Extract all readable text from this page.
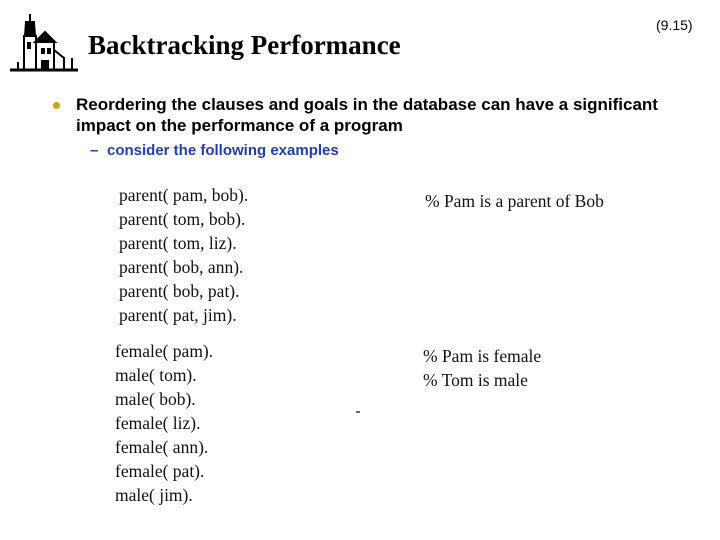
Backtracking Performance
(9.15)
Reordering the clauses and goals in the database can have a significant impact on the performance of a program
– consider the following examples
parent( pam, bob).
parent( tom, bob).
parent( tom, liz).
parent( bob, ann).
parent( bob, pat).
parent( pat, jim).
female( pam).
male( tom).
male( bob).
female( liz).
female( ann).
female( pat).
male( jim).
% Pam is a parent of Bob
% Pam is female
% Tom is male
